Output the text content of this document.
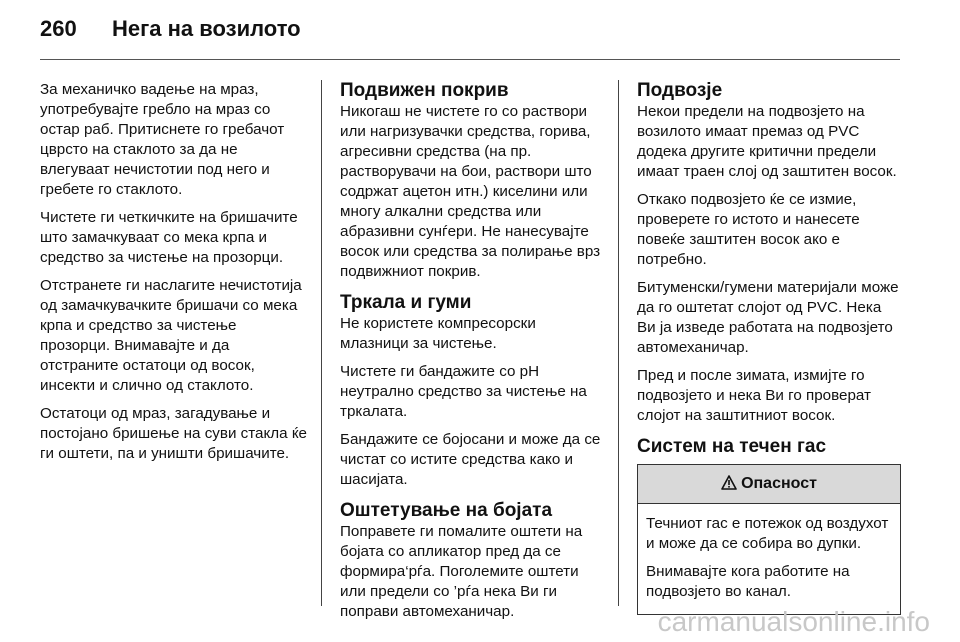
260	Нега на возилото

За механичко вадење на мраз, употребувајте гребло на мраз со остар раб. Притиснете го гребачот цврсто на стаклото за да не влегуваат нечистотии под него и гребете го стаклото.

Чистете ги четкичките на бришачите што замачкуваат со мека крпа и средство за чистење на прозорци.

Отстранете ги наслагите нечистотија од замачкувачките бришачи со мека крпа и средство за чистење прозорци. Внимавајте и да отстраните остатоци од восок, инсекти и слично од стаклото.

Остатоци од мраз, загадување и постојано бришење на суви стакла ќе ги оштети, па и уништи бришачите.

Подвижен покрив

Никогаш не чистете го со раствори или нагризувачки средства, горива, агресивни средства (на пр. растворувачи на бои, раствори што содржат ацетон итн.) киселини или многу алкални средства или абразивни сунѓери. Не нанесувајте восок или средства за полирање врз подвижниот покрив.

Тркала и гуми

Не користете компресорски млазници за чистење.

Чистете ги бандажите со pH неутрално средство за чистење на тркалата.

Бандажите се бојосани и може да се чистат со истите средства како и шасијата.

Оштетување на бојата

Поправете ги помалите оштети на бојата со апликатор пред да се формира‘рѓа. Поголемите оштети или предели со ’рѓа нека Ви ги поправи автомеханичар.

Подвозје

Некои предели на подвозјето на возилото имаат премаз од PVC додека другите критични предели имаат траен слој од заштитен восок.

Откако подвозјето ќе се измие, проверете го истото и нанесете повеќе заштитен восок ако е потребно.

Битуменски/гумени материјали може да го оштетат слојот од PVC. Нека Ви ја изведе работата на подвозјето автомеханичар.

Пред и после зимата, измијте го подвозјето и нека Ви го проверат слојот на заштитниот восок.

Систем на течен гас
Опасност

Течниот гас е потежок од воздухот и може да се собира во дупки.

Внимавајте кога работите на подвозјето во канал.

carmanualsonline.info
